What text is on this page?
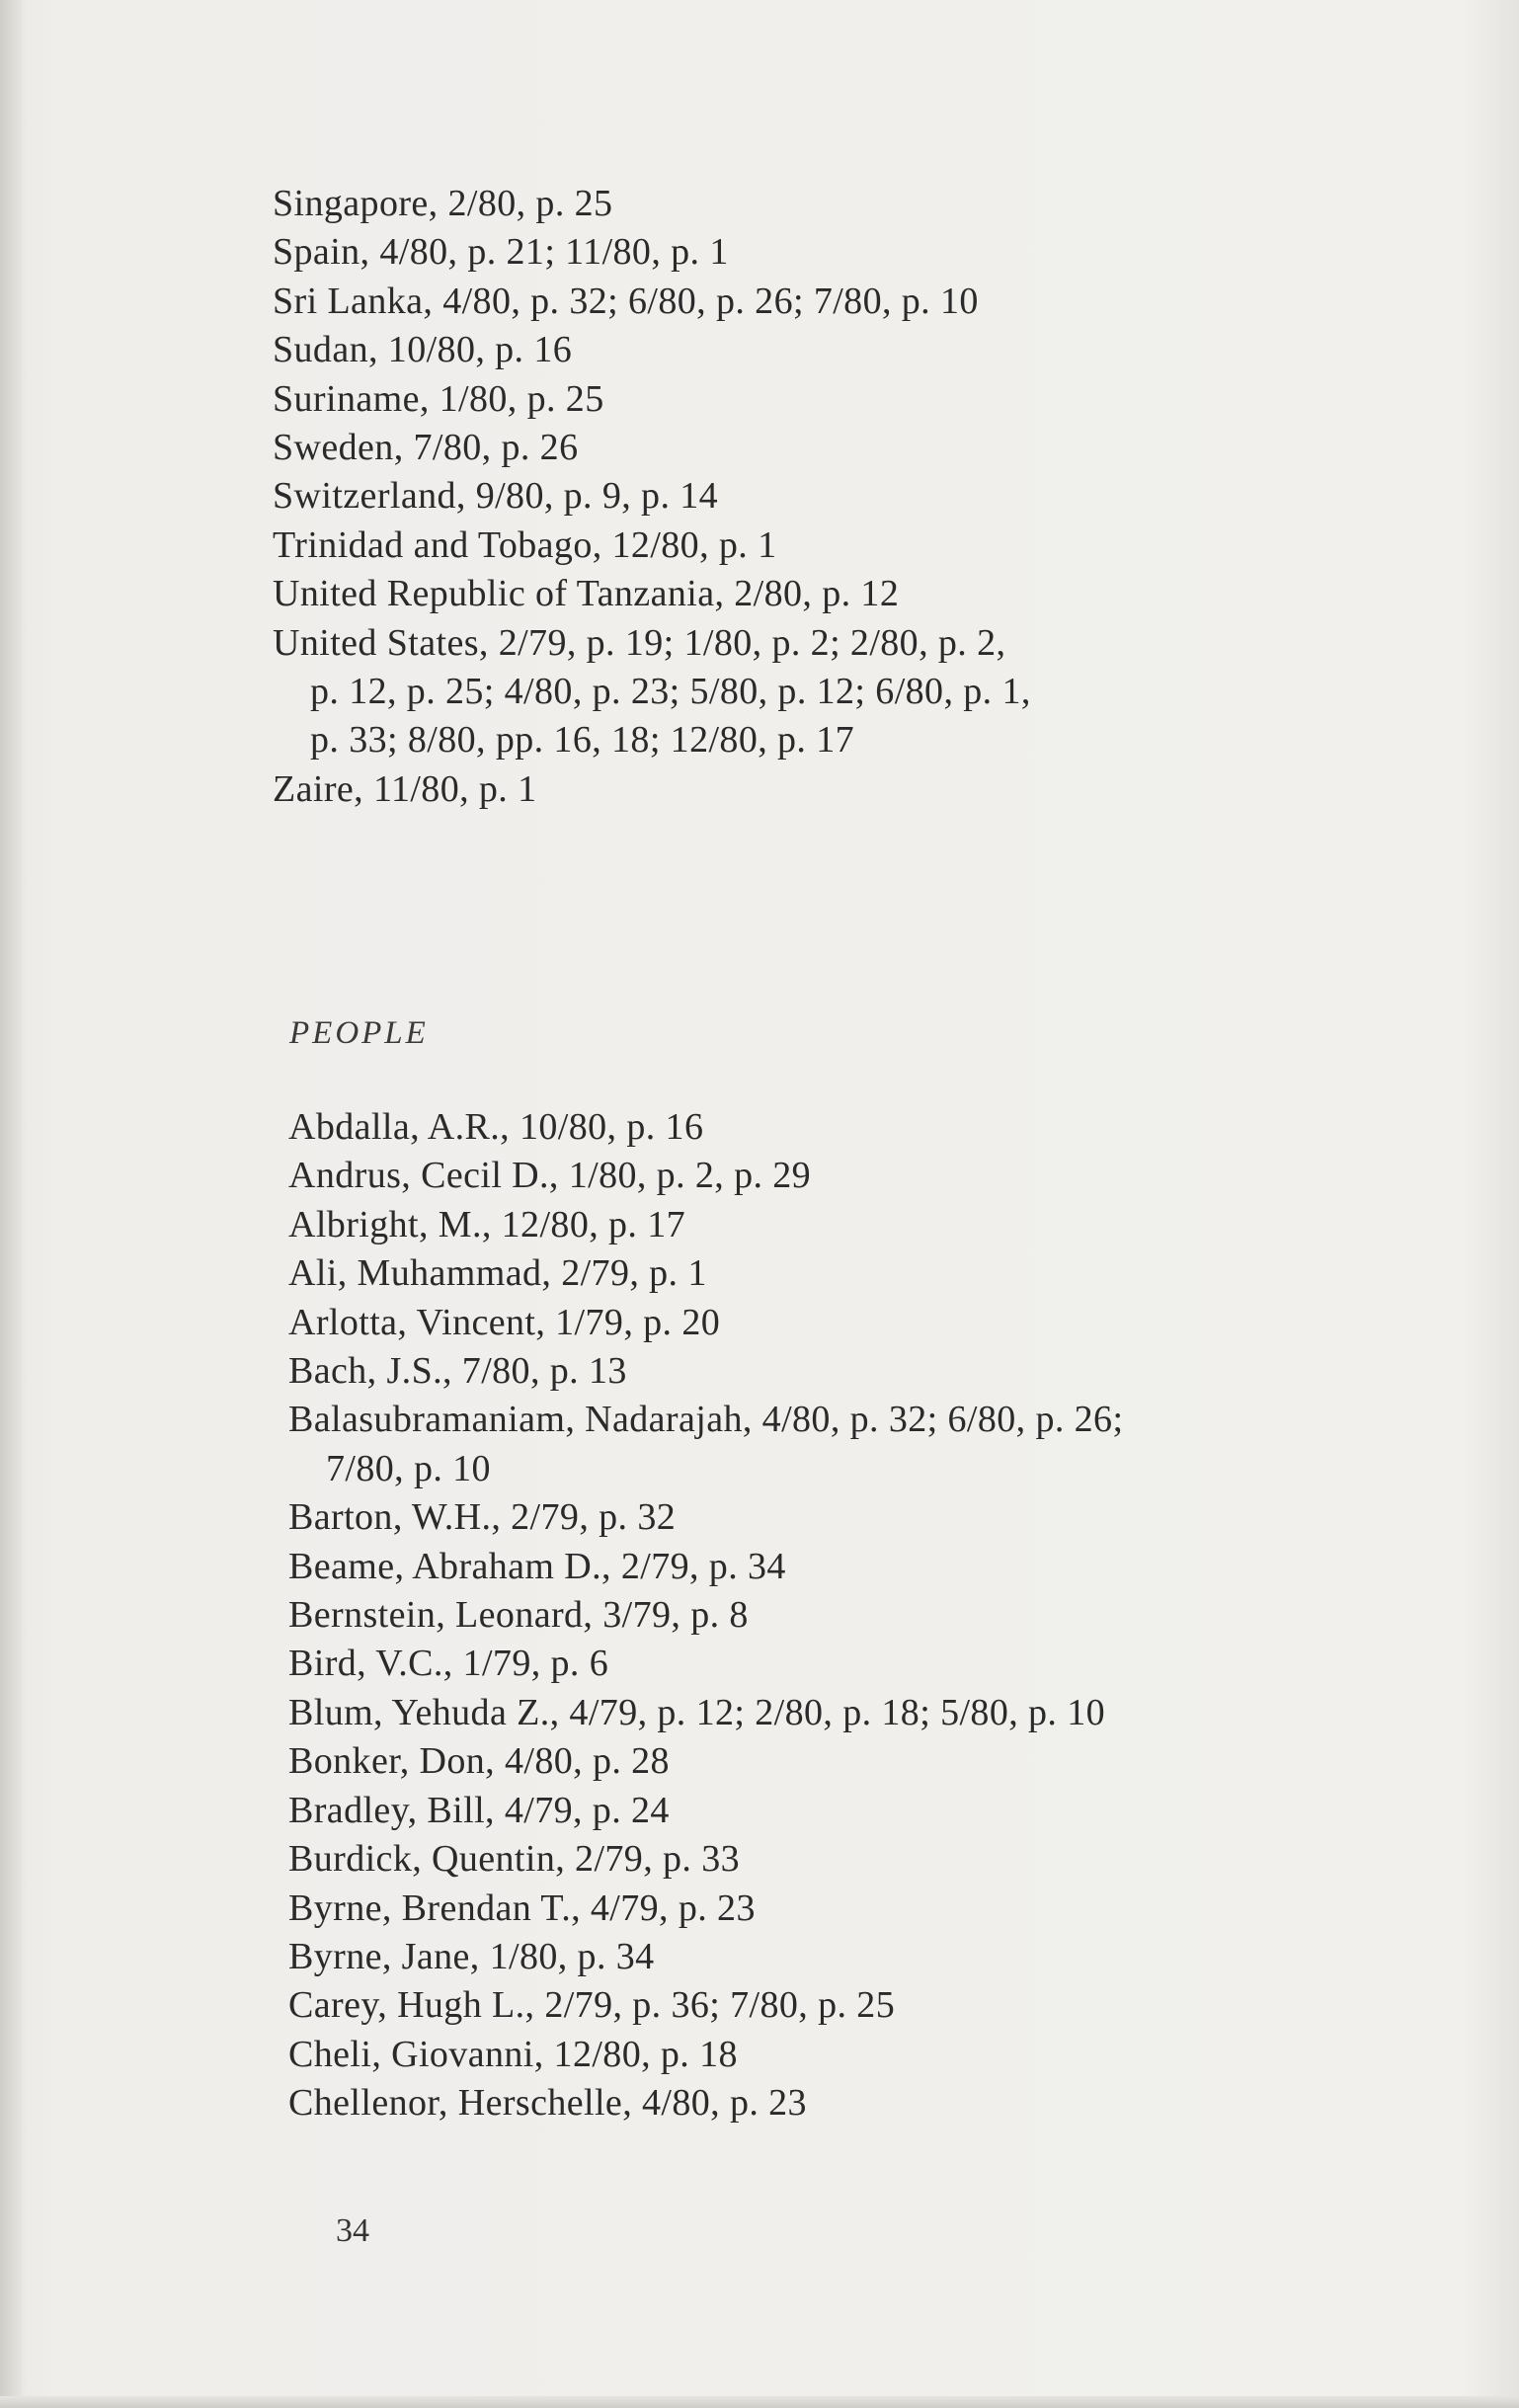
Singapore, 2/80, p. 25
Spain, 4/80, p. 21; 11/80, p. 1
Sri Lanka, 4/80, p. 32; 6/80, p. 26; 7/80, p. 10
Sudan, 10/80, p. 16
Suriname, 1/80, p. 25
Sweden, 7/80, p. 26
Switzerland, 9/80, p. 9, p. 14
Trinidad and Tobago, 12/80, p. 1
United Republic of Tanzania, 2/80, p. 12
United States, 2/79, p. 19; 1/80, p. 2; 2/80, p. 2,
p. 12, p. 25; 4/80, p. 23; 5/80, p. 12; 6/80, p. 1,
p. 33; 8/80, pp. 16, 18; 12/80, p. 17
Zaire, 11/80, p. 1
PEOPLE
Abdalla, A.R., 10/80, p. 16
Andrus, Cecil D., 1/80, p. 2, p. 29
Albright, M., 12/80, p. 17
Ali, Muhammad, 2/79, p. 1
Arlotta, Vincent, 1/79, p. 20
Bach, J.S., 7/80, p. 13
Balasubramaniam, Nadarajah, 4/80, p. 32; 6/80, p. 26;
7/80, p. 10
Barton, W.H., 2/79, p. 32
Beame, Abraham D., 2/79, p. 34
Bernstein, Leonard, 3/79, p. 8
Bird, V.C., 1/79, p. 6
Blum, Yehuda Z., 4/79, p. 12; 2/80, p. 18; 5/80, p. 10
Bonker, Don, 4/80, p. 28
Bradley, Bill, 4/79, p. 24
Burdick, Quentin, 2/79, p. 33
Byrne, Brendan T., 4/79, p. 23
Byrne, Jane, 1/80, p. 34
Carey, Hugh L., 2/79, p. 36; 7/80, p. 25
Cheli, Giovanni, 12/80, p. 18
Chellenor, Herschelle, 4/80, p. 23
34
